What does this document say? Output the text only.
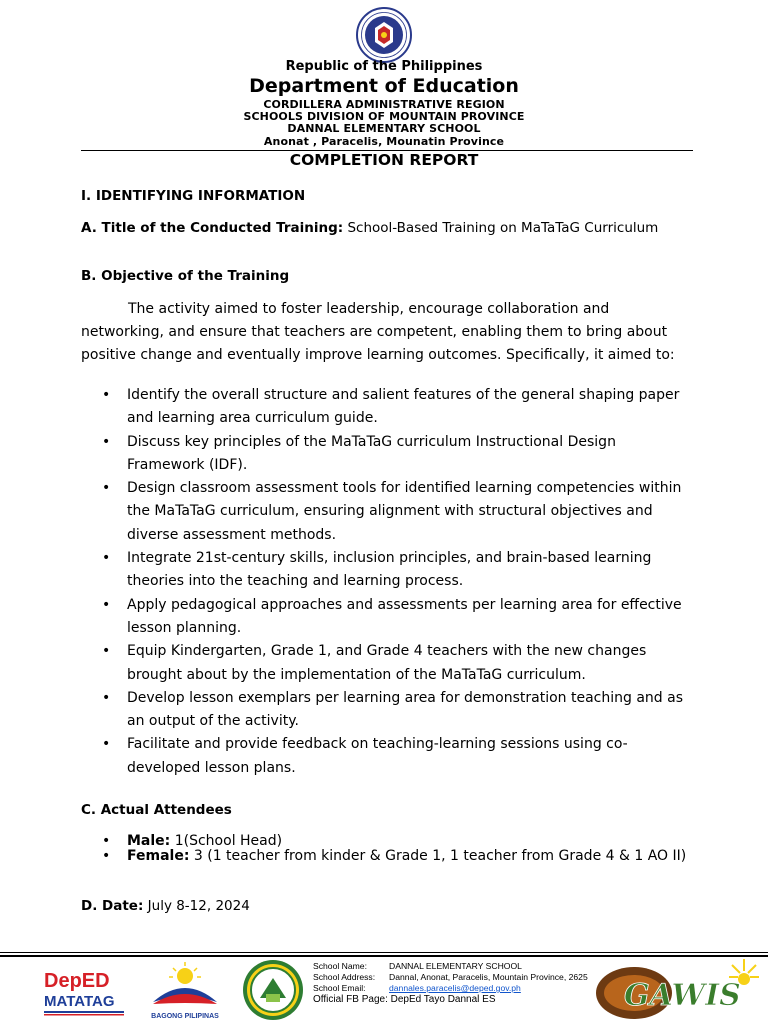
Republic of the Philippines
Department of Education
CORDILLERA ADMINISTRATIVE REGION
SCHOOLS DIVISION OF MOUNTAIN PROVINCE
DANNAL ELEMENTARY SCHOOL
Anonat , Paracelis, Mounatin Province
COMPLETION REPORT
I. IDENTIFYING INFORMATION
A. Title of the Conducted Training: School-Based Training on MaTaTaG Curriculum
B. Objective of the Training
The activity aimed to foster leadership, encourage collaboration and networking, and ensure that teachers are competent, enabling them to bring about positive change and eventually improve learning outcomes. Specifically, it aimed to:
• Identify the overall structure and salient features of the general shaping paper and learning area curriculum guide.
• Discuss key principles of the MaTaTaG curriculum Instructional Design Framework (IDF).
• Design classroom assessment tools for identified learning competencies within the MaTaTaG curriculum, ensuring alignment with structural objectives and diverse assessment methods.
• Integrate 21st-century skills, inclusion principles, and brain-based learning theories into the teaching and learning process.
• Apply pedagogical approaches and assessments per learning area for effective lesson planning.
• Equip Kindergarten, Grade 1, and Grade 4 teachers with the new changes brought about by the implementation of the MaTaTaG curriculum.
• Develop lesson exemplars per learning area for demonstration teaching and as an output of the activity.
• Facilitate and provide feedback on teaching-learning sessions using co-developed lesson plans.
C. Actual Attendees
• Male: 1(School Head)
• Female: 3 (1 teacher from kinder & Grade 1, 1 teacher from Grade 4 & 1 AO II)
D. Date: July 8-12, 2024
DepED
MATATAG
BAGONG PILIPINAS
School Name:	DANNAL ELEMENTARY SCHOOL
School Address: Dannal, Anonat, Paracelis, Mountain Province, 2625
School Email:	dannales.paracelis@deped.gov.ph
Official FB Page: DepEd Tayo Dannal ES	GAWIS
